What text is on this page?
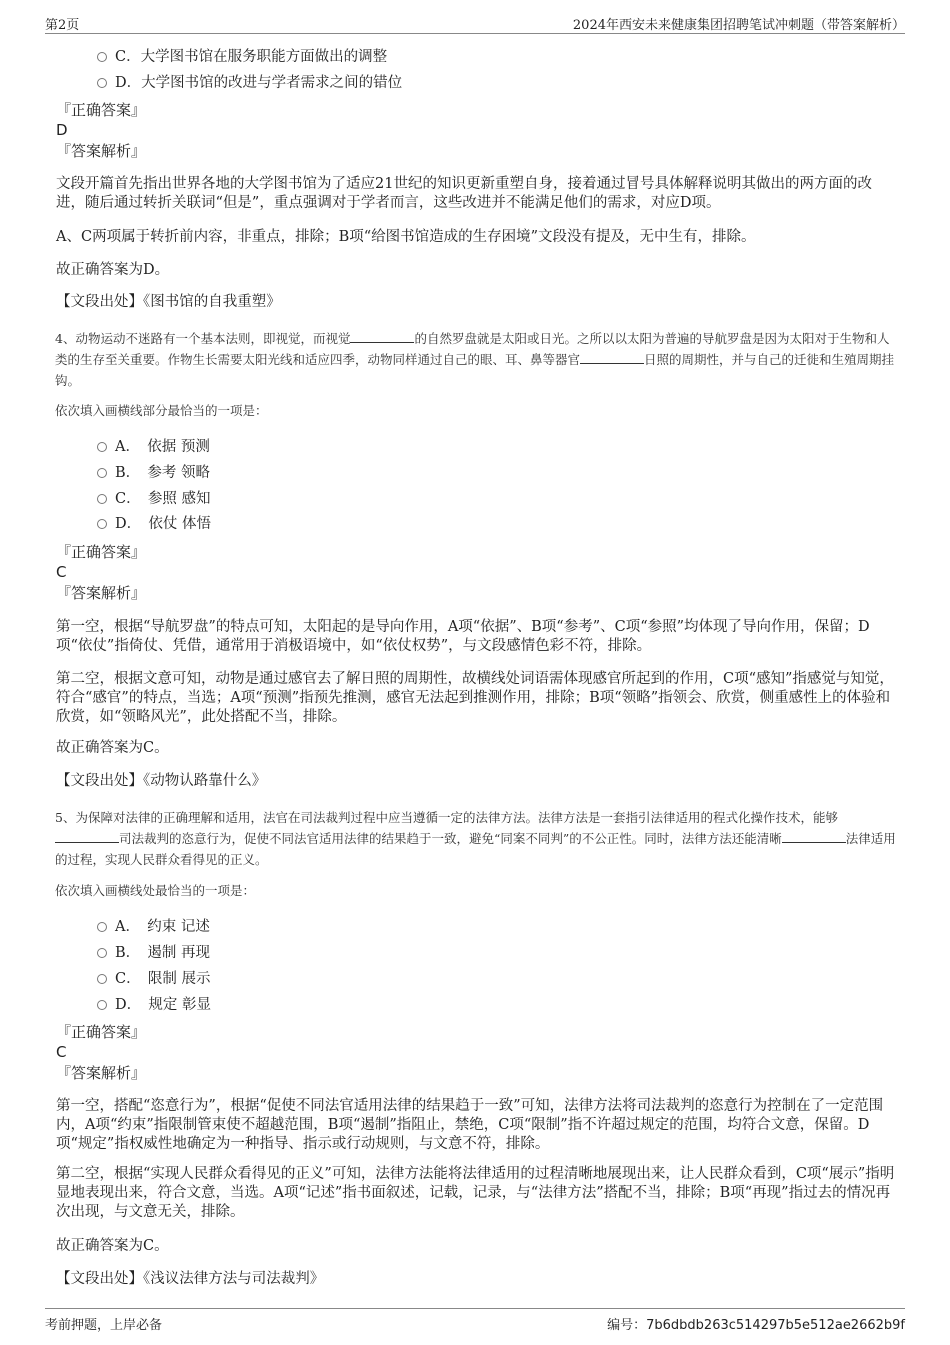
第2页	2024年西安未来健康集团招聘笔试冲刺题（带答案解析）
C．大学图书馆在服务职能方面做出的调整
D．大学图书馆的改进与学者需求之间的错位
『正确答案』
D
『答案解析』
文段开篇首先指出世界各地的大学图书馆为了适应21世纪的知识更新重塑自身，接着通过冒号具体解释说明其做出的两方面的改进，随后通过转折关联词“但是”，重点强调对于学者而言，这些改进并不能满足他们的需求，对应D项。
A、C两项属于转折前内容，非重点，排除；B项“给图书馆造成的生存困境”文段没有提及，无中生有，排除。
故正确答案为D。
【文段出处】《图书馆的自我重塑》
4、动物运动不迷路有一个基本法则，即视觉，而视觉	的自然罗盘就是太阳或日光。之所以以太阳为普遍的导航罗盘是因为太阳对于生物和人类的生存至关重要。作物生长需要太阳光线和适应四季，动物同样通过自己的眼、耳、鼻等器官	日照的周期性，并与自己的迁徙和生殖周期挂钩。
依次填入画横线部分最恰当的一项是：
A．　依据 预测
B．　参考 领略
C．　参照 感知
D．　依仗 体悟
『正确答案』
C
『答案解析』
第一空，根据“导航罗盘”的特点可知，太阳起的是导向作用，A项“依据”、B项“参考”、C项“参照”均体现了导向作用，保留；D项“依仗”指倚仗、凭借，通常用于消极语境中，如“依仗权势”，与文段感情色彩不符，排除。
第二空，根据文意可知，动物是通过感官去了解日照的周期性，故横线处词语需体现感官所起到的作用，C项“感知”指感觉与知觉，符合“感官”的特点，当选；A项“预测”指预先推测，感官无法起到推测作用，排除；B项“领略”指领会、欣赏，侧重感性上的体验和欣赏，如“领略风光”，此处搭配不当，排除。
故正确答案为C。
【文段出处】《动物认路靠什么》
5、为保障对法律的正确理解和适用，法官在司法裁判过程中应当遵循一定的法律方法。法律方法是一套指引法律适用的程式化操作技术，能够司法裁判的恣意行为，促使不同法官适用法律的结果趋于一致，避免“同案不同判”的不公正性。同时，法律方法还能清晰	法律适用的过程，实现人民群众看得见的正义。
依次填入画横线处最恰当的一项是：
A．　约束 记述
B．　遏制 再现
C．　限制 展示
D．　规定 彰显
『正确答案』
C
『答案解析』
第一空，搭配“恣意行为”，根据“促使不同法官适用法律的结果趋于一致”可知，法律方法将司法裁判的恣意行为控制在了一定范围内，A项“约束”指限制管束使不超越范围，B项“遏制”指阻止，禁绝，C项“限制”指不许超过规定的范围，均符合文意，保留。D项“规定”指权威性地确定为一种指导、指示或行动规则，与文意不符，排除。
第二空，根据“实现人民群众看得见的正义”可知，法律方法能将法律适用的过程清晰地展现出来，让人民群众看到，C项“展示”指明显地表现出来，符合文意，当选。A项“记述”指书面叙述，记载，记录，与“法律方法”搭配不当，排除；B项“再现”指过去的情况再次出现，与文意无关，排除。
故正确答案为C。
【文段出处】《浅议法律方法与司法裁判》
考前押题，上岸必备	编号：7b6dbdb263c514297b5e512ae2662b9f
